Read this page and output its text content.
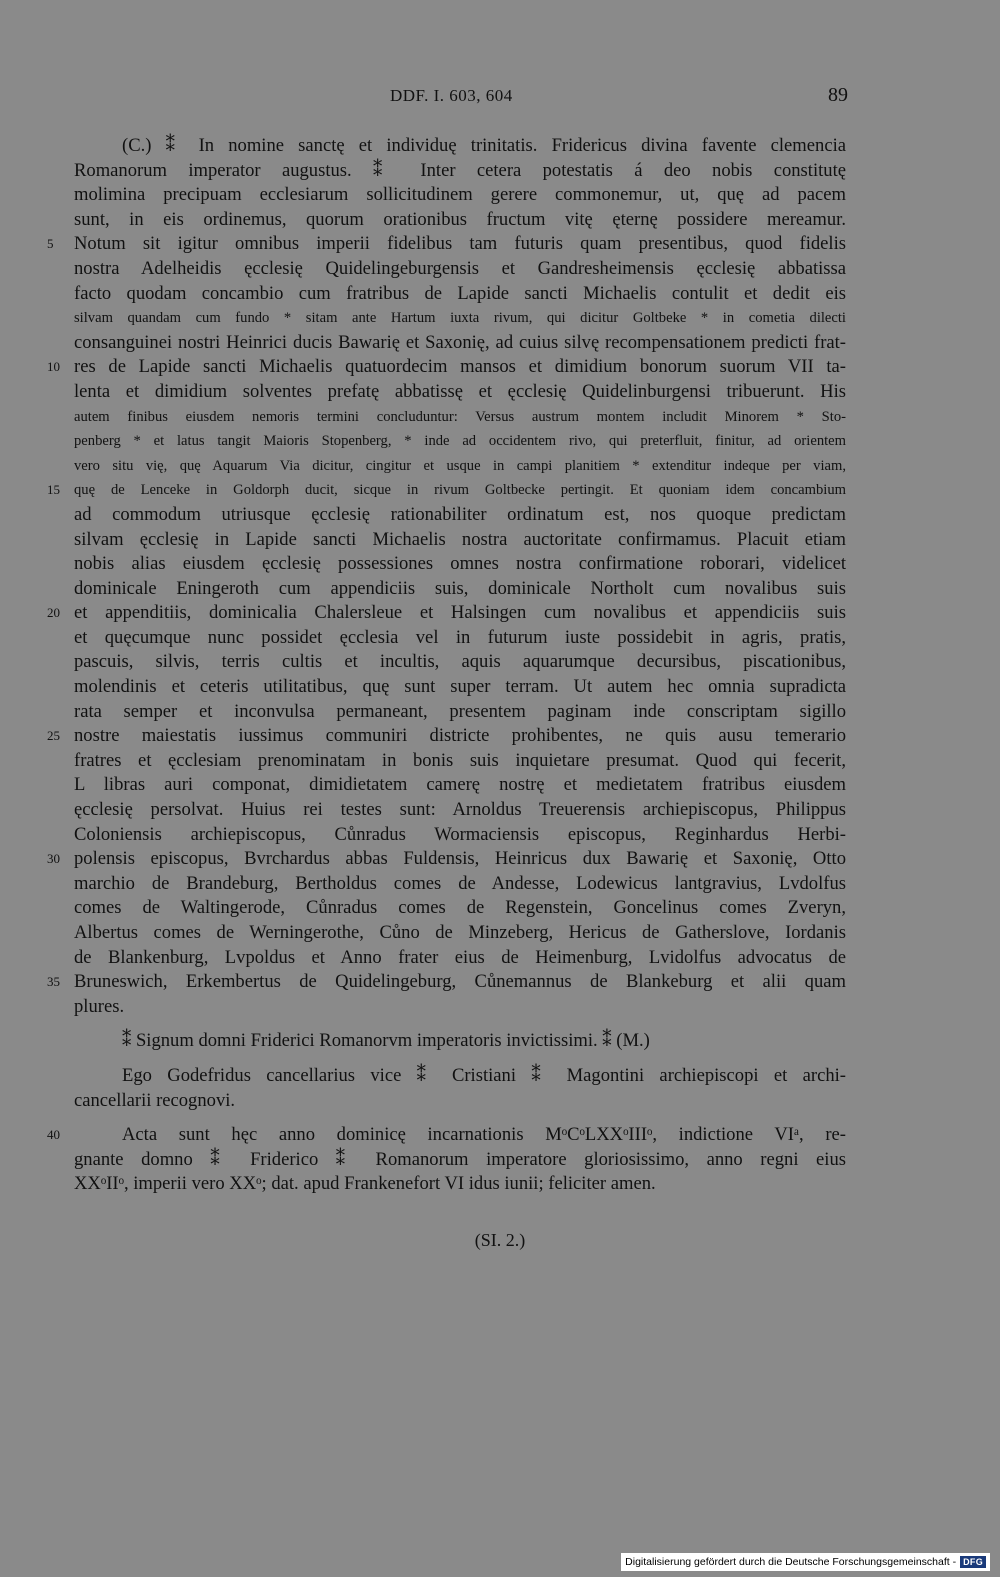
DDF. I. 603, 604	89
(C.) ⁑ In nomine sanctę et individuę trinitatis. Fridericus divina favente clemencia
Romanorum imperator augustus. ⁑ Inter cetera potestatis á deo nobis constitutę
molimina precipuam ecclesiarum sollicitudinem gerere commonemur, ut, quę ad pacem
sunt, in eis ordinemus, quorum orationibus fructum vitę ęternę possidere mereamur.
5	Notum sit igitur omnibus imperii fidelibus tam futuris quam presentibus, quod fidelis
nostra Adelheidis ęcclesię Quidelingeburgensis et Gandresheimensis ęcclesię abbatissa
facto quodam concambio cum fratribus de Lapide sancti Michaelis contulit et dedit eis
silvam quandam cum fundo * sitam ante Hartum iuxta rivum, qui dicitur Goltbeke * in cometia dilecti
consanguinei nostri Heinrici ducis Bawarię et Saxonię, ad cuius silvę recompensationem predicti frat-
10 res de Lapide sancti Michaelis quatuordecim mansos et dimidium bonorum suorum VII ta-
lenta et dimidium solventes prefatę abbatissę et ęcclesię Quidelinburgensi tribuerunt. His
autem finibus eiusdem nemoris termini concluduntur: Versus austrum montem includit Minorem * Sto-
penberg * et latus tangit Maioris Stopenberg, * inde ad occidentem rivo, qui preterfluit, finitur, ad orientem
vero situ vię, quę Aquarum Via dicitur, cingitur et usque in campi planitiem * extenditur indeque per viam,
15 quę de Lenceke in Goldorph ducit, sicque in rivum Goltbecke pertingit. Et quoniam idem concambium
ad commodum utriusque ęcclesię rationabiliter ordinatum est, nos quoque predictam
silvam ęcclesię in Lapide sancti Michaelis nostra auctoritate confirmamus. Placuit etiam
nobis alias eiusdem ęcclesię possessiones omnes nostra confirmatione roborari, videlicet
dominicale Eningeroth cum appendiciis suis, dominicale Northolt cum novalibus suis
20 et appenditiis, dominicalia Chalersleue et Halsingen cum novalibus et appendiciis suis
et quęcumque nunc possidet ęcclesia vel in futurum iuste possidebit in agris, pratis,
pascuis, silvis, terris cultis et incultis, aquis aquarumque decursibus, piscationibus,
molendinis et ceteris utilitatibus, quę sunt super terram. Ut autem hec omnia supradicta
rata semper et inconvulsa permaneant, presentem paginam inde conscriptam sigillo
25 nostre maiestatis iussimus communiri districte prohibentes, ne quis ausu temerario
fratres et ęcclesiam prenominatam in bonis suis inquietare presumat. Quod qui fecerit,
L libras auri componat, dimidietatem camerę nostrę et medietatem fratribus eiusdem
ęcclesię persolvat. Huius rei testes sunt: Arnoldus Treuerensis archiepiscopus, Philippus
Coloniensis archiepiscopus, Cůnradus Wormaciensis episcopus, Reginhardus Herbi-
30 polensis episcopus, Bvrchardus abbas Fuldensis, Heinricus dux Bawarię et Saxonię, Otto
marchio de Brandeburg, Bertholdus comes de Andesse, Lodewicus lantgravius, Lvdolfus
comes de Waltingerode, Cůnradus comes de Regenstein, Goncelinus comes Zveryn,
Albertus comes de Werningerothe, Cůno de Minzeberg, Hericus de Gatherslove, Iordanis
de Blankenburg, Lvpoldus et Anno frater eius de Heimenburg, Lvidolfus advocatus de
35 Bruneswich, Erkembertus de Quidelingeburg, Cůnemannus de Blankeburg et alii quam
plures.
⁑ Signum domni Friderici Romanorvm imperatoris invictissimi. ⁑ (M.)
Ego Godefridus cancellarius vice ⁑ Cristiani ⁑ Magontini archiepiscopi et archi-
cancellarii recognovi.
40	Acta sunt hęc anno dominicę incarnationis MᵒCᵒLXXᵒIIIᵒ, indictione VIᵃ, re-
gnante domno ⁑ Friderico ⁑ Romanorum imperatore gloriosissimo, anno regni eius
XXᵒIIᵒ, imperii vero XXᵒ; dat. apud Frankenefort VI idus iunii; feliciter amen.
(SI. 2.)
Digitalisierung gefördert durch die Deutsche Forschungsgemeinschaft - DFG
